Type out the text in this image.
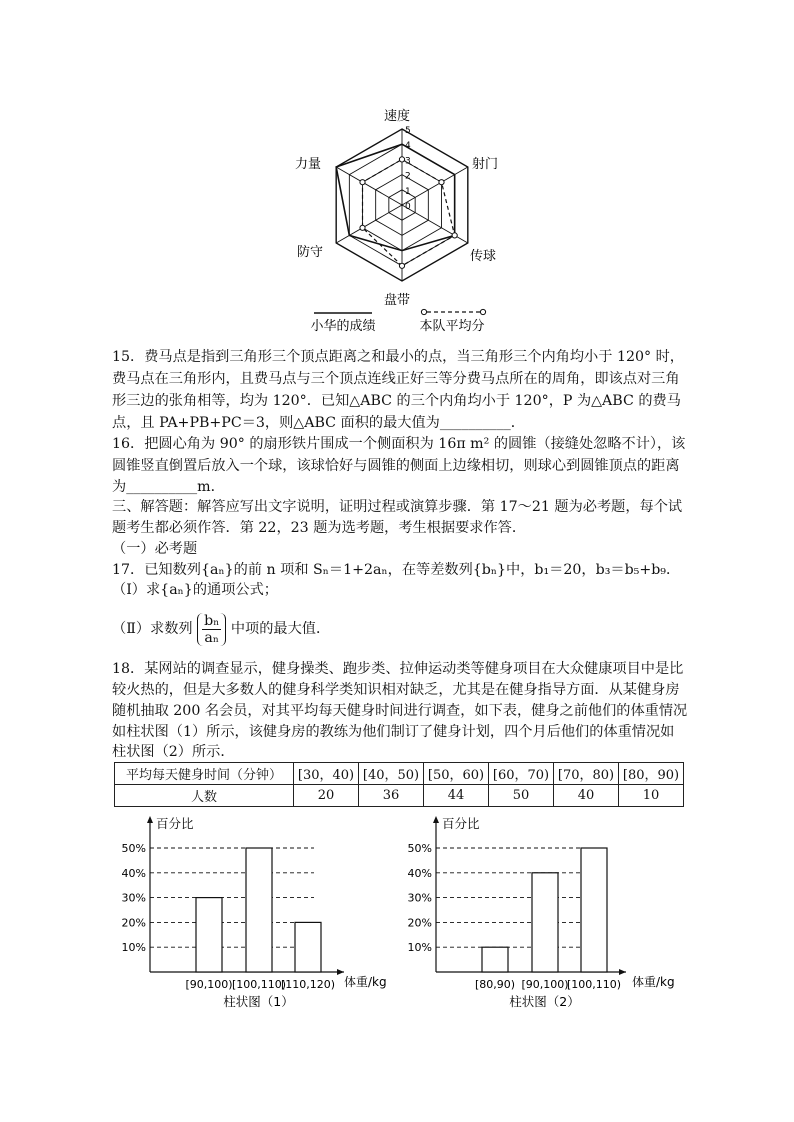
0
1
2
3
4
5
速度
射门
传球
盘带
防守
力量
小华的成绩	本队平均分
15．费马点是指到三角形三个顶点距离之和最小的点，当三角形三个内角均小于 120° 时，
费马点在三角形内，且费马点与三个顶点连线正好三等分费马点所在的周角，即该点对三角
形三边的张角相等，均为 120°．已知△ABC 的三个内角均小于 120°，P 为△ABC 的费马
点，且 PA+PB+PC＝3，则△ABC 面积的最大值为__________．
16．把圆心角为 90° 的扇形铁片围成一个侧面积为 16π m² 的圆锥（接缝处忽略不计），该
圆锥竖直倒置后放入一个球，该球恰好与圆锥的侧面上边缘相切，则球心到圆锥顶点的距离
为__________m．
三、解答题：解答应写出文字说明，证明过程或演算步骤．第 17～21 题为必考题，每个试
题考生都必须作答．第 22，23 题为选考题，考生根据要求作答．
（一）必考题
17．已知数列{aₙ}的前 n 项和 Sₙ＝1+2aₙ，在等差数列{bₙ}中，b₁＝20，b₃＝b₅+b₉．
（Ⅰ）求{aₙ}的通项公式；
（Ⅱ）求数列 $\frac{\text{bₙ}}{\text{aₙ}}$ 中项的最大值．
18．某网站的调查显示，健身操类、跑步类、拉伸运动类等健身项目在大众健康项目中是比
较火热的，但是大多数人的健身科学类知识相对缺乏，尤其是在健身指导方面．从某健身房
随机抽取 200 名会员，对其平均每天健身时间进行调查，如下表，健身之前他们的体重情况
如柱状图（1）所示，该健身房的教练为他们制订了健身计划，四个月后他们的体重情况如
柱状图（2）所示．
平均每天健身时间（分钟）	[30，40)	[40，50)	[50，60)	[60，70)	[70，80)	[80，90)
人数	20	36	44	50	40	10
百分比
体重/kg
10%
20%
30%
40%
50%
[90,100) [100,110)
[110,120)
柱状图（1）
百分比
体重/kg
10%
20%
30%
40%
50%
[80,90) [90,100)
[100,110)
柱状图（2）
